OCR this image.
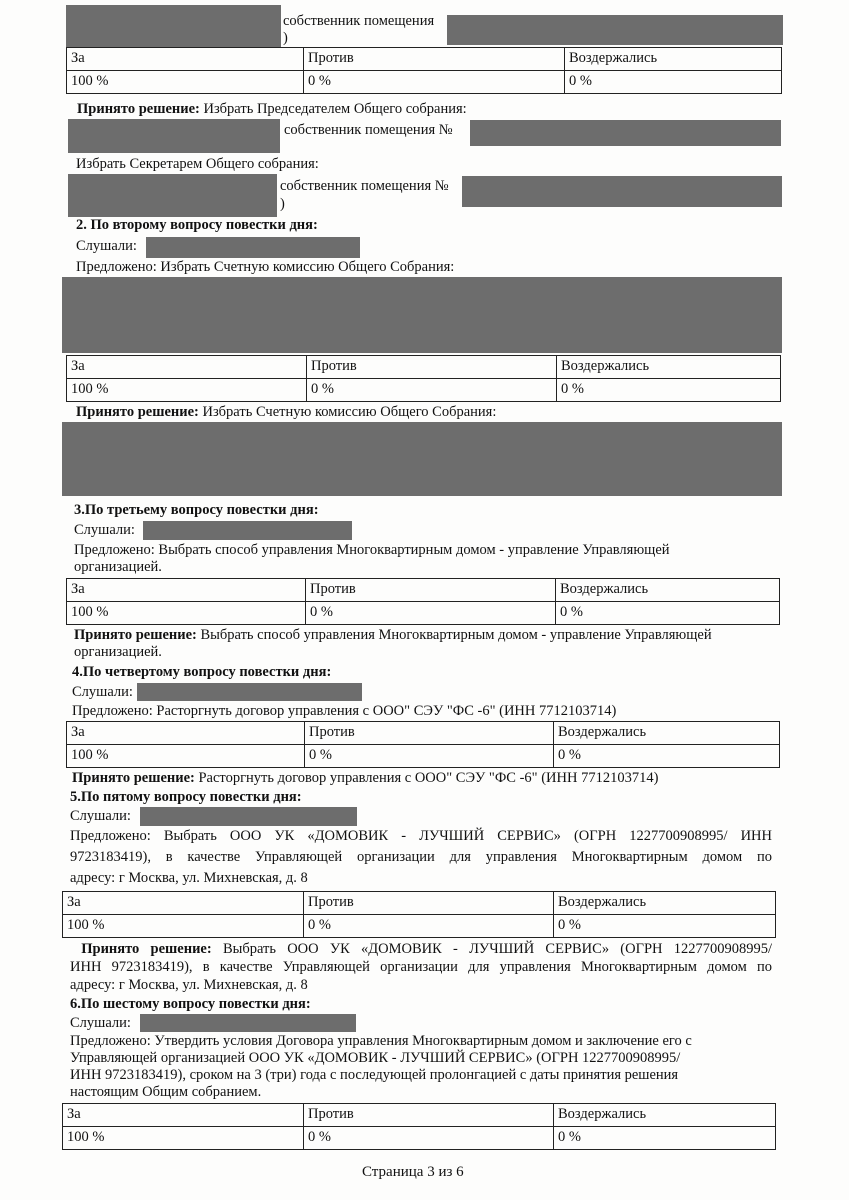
собственник помещения
)
За	Против	Воздержались
100 %	0 %	0 %
Принято решение: Избрать Председателем Общего собрания:
собственник помещения №
Избрать Секретарем Общего собрания:
собственник помещения №
)
2. По второму вопросу повестки дня:
Слушали:
Предложено: Избрать Счетную комиссию Общего Собрания:
За	Против	Воздержались
100 %	0 %	0 %
Принято решение: Избрать Счетную комиссию Общего Собрания:
3.По третьему вопросу повестки дня:
Слушали:
Предложено: Выбрать способ управления Многоквартирным домом - управление Управляющей
организацией.
За	Против	Воздержались
100 %	0 %	0 %
Принято решение: Выбрать способ управления Многоквартирным домом - управление Управляющей
организацией.
4.По четвертому вопросу повестки дня:
Слушали:
Предложено: Расторгнуть договор управления с ООО" СЭУ "ФС -6" (ИНН 7712103714)
За	Против	Воздержались
100 %	0 %	0 %
Принято решение: Расторгнуть договор управления с ООО" СЭУ "ФС -6" (ИНН 7712103714)
5.По пятому вопросу повестки дня:
Слушали:
Предложено: Выбрать ООО УК «ДОМОВИК - ЛУЧШИЙ СЕРВИС» (ОГРН 1227700908995/ ИНН
9723183419), в качестве Управляющей организации для управления Многоквартирным домом по
адресу: г Москва, ул. Михневская, д. 8
За	Против	Воздержались
100 %	0 %	0 %
Принято решение: Выбрать ООО УК «ДОМОВИК - ЛУЧШИЙ СЕРВИС» (ОГРН 1227700908995/
ИНН 9723183419), в качестве Управляющей организации для управления Многоквартирным домом по
адресу: г Москва, ул. Михневская, д. 8
6.По шестому вопросу повестки дня:
Слушали:
Предложено: Утвердить условия Договора управления Многоквартирным домом и заключение его с
Управляющей организацией ООО УК «ДОМОВИК - ЛУЧШИЙ СЕРВИС» (ОГРН 1227700908995/
ИНН 9723183419), сроком на 3 (три) года с последующей пролонгацией с даты принятия решения
настоящим Общим собранием.
За	Против	Воздержались
100 %	0 %	0 %
Страница 3 из 6
